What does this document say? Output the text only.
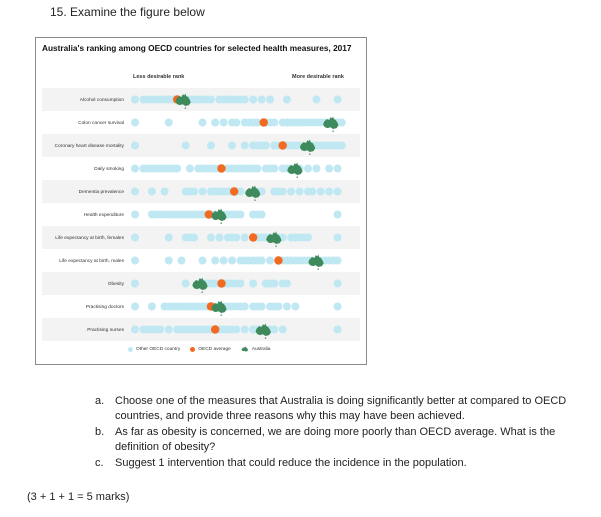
15. Examine the figure below
Alcohol consumption
Colon cancer survival
Coronary heart disease mortality
Daily smoking
Dementia prevalence
Health expenditure
Life expectancy at birth, females
Life expectancy at birth, males
Obesity
Practising doctors
Practising nurses
Australia's ranking among OECD countries for selected health measures, 2017
Less desirable rank	More desirable rank
Other OECD country	OECD average	Australia
a. Choose one of the measures that Australia is doing significantly better at compared to OECD countries, and provide three reasons why this may have been achieved.
b. As far as obesity is concerned, we are doing more poorly than OECD average. What is the definition of obesity?
c.	Suggest 1 intervention that could reduce the incidence in the population.
(3 + 1 + 1 = 5 marks)
